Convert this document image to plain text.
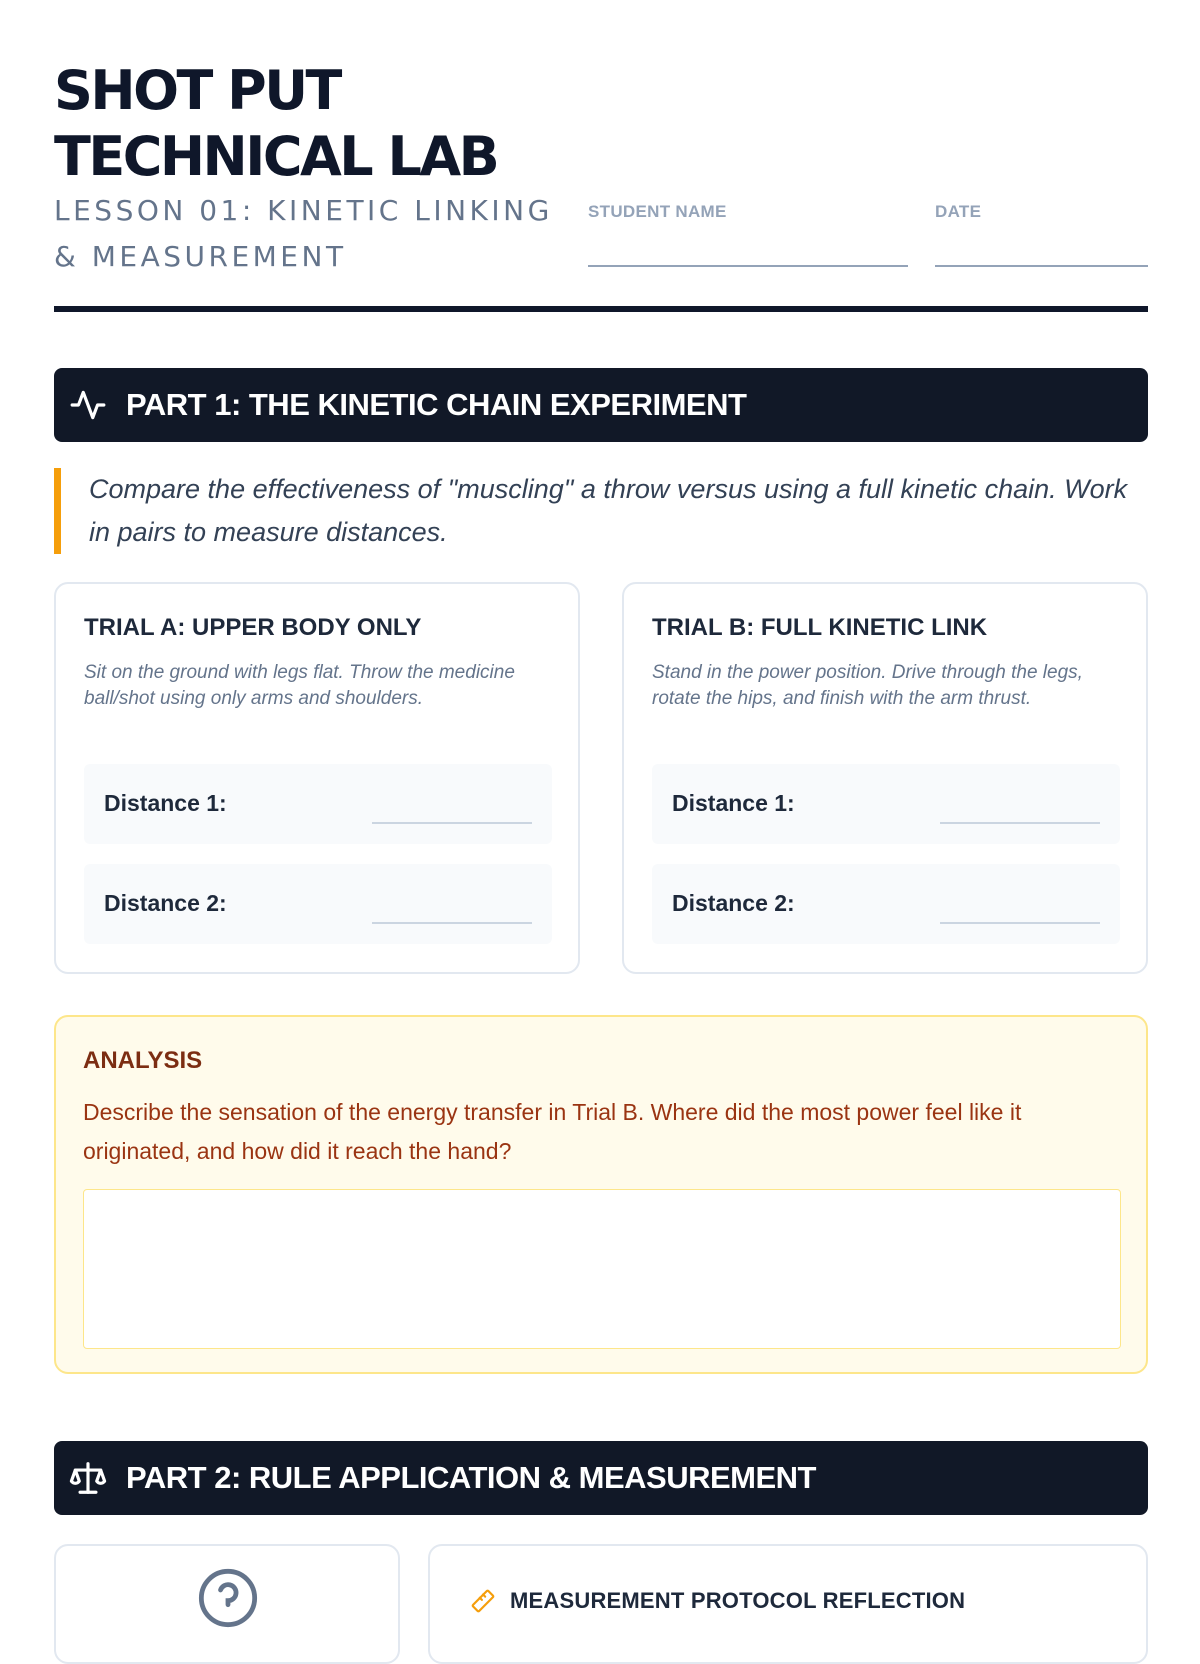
SHOT PUT
TECHNICAL LAB
LESSON 01: KINETIC LINKING
& MEASUREMENT
STUDENT NAME	DATE
PART 1: THE KINETIC CHAIN EXPERIMENT
Compare the effectiveness of "muscling" a throw versus using a full kinetic chain. Work in pairs to measure distances.
TRIAL A: UPPER BODY ONLY
Sit on the ground with legs flat. Throw the medicine ball/shot using only arms and shoulders.
Distance 1:
Distance 2:
TRIAL B: FULL KINETIC LINK
Stand in the power position. Drive through the legs, rotate the hips, and finish with the arm thrust.
Distance 1:
Distance 2:
ANALYSIS
Describe the sensation of the energy transfer in Trial B. Where did the most power feel like it originated, and how did it reach the hand?
PART 2: RULE APPLICATION & MEASUREMENT
MEASUREMENT PROTOCOL REFLECTION
